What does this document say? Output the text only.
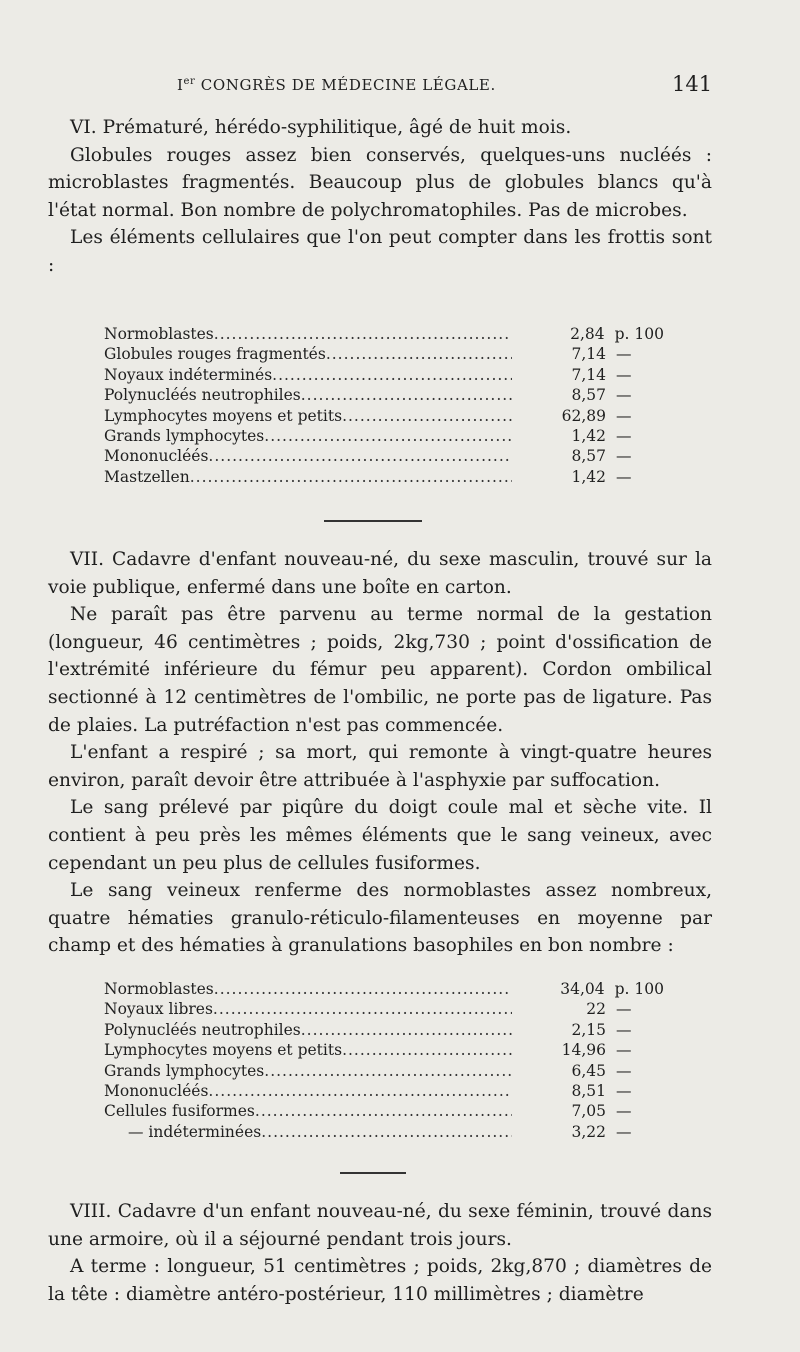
Ier CONGRÈS DE MÉDECINE LÉGALE.	141

VI. Prématuré, hérédo-syphilitique, âgé de huit mois.

Globules rouges assez bien conservés, quelques-uns nucléés : microblastes fragmentés. Beaucoup plus de globules blancs qu'à l'état normal. Bon nombre de polychromatophiles. Pas de microbes.

Les éléments cellulaires que l'on peut compter dans les frottis sont :

Normoblastes .....	2,84 p. 100
Globules rouges fragmentés .....	7,14 —
Noyaux indéterminés .....	7,14 —
Polynucléés neutrophiles .....	8,57 —
Lymphocytes moyens et petits .....	62,89 —
Grands lymphocytes .....	1,42 —
Mononucléés .....	8,57 —
Mastzellen .....	1,42 —

VII. Cadavre d'enfant nouveau-né, du sexe masculin, trouvé sur la voie publique, enfermé dans une boîte en carton.

Ne paraît pas être parvenu au terme normal de la gestation (longueur, 46 centimètres ; poids, 2kg,730 ; point d'ossification de l'extrémité inférieure du fémur peu apparent). Cordon ombilical sectionné à 12 centimètres de l'ombilic, ne porte pas de ligature. Pas de plaies. La putréfaction n'est pas commencée.

L'enfant a respiré ; sa mort, qui remonte à vingt-quatre heures environ, paraît devoir être attribuée à l'asphyxie par suffocation.

Le sang prélevé par piqûre du doigt coule mal et sèche vite. Il contient à peu près les mêmes éléments que le sang veineux, avec cependant un peu plus de cellules fusiformes.

Le sang veineux renferme des normoblastes assez nombreux, quatre hématies granulo-réticulo-filamenteuses en moyenne par champ et des hématies à granulations basophiles en bon nombre :

Normoblastes .....	34,04 p. 100
Noyaux libres .....	22 —
Polynucléés neutrophiles .....	2,15 —
Lymphocytes moyens et petits .....	14,96 —
Grands lymphocytes .....	6,45 —
Mononucléés .....	8,51 —
Cellules fusiformes .....	7,05 —
— indéterminées .....	3,22 —

VIII. Cadavre d'un enfant nouveau-né, du sexe féminin, trouvé dans une armoire, où il a séjourné pendant trois jours.

A terme : longueur, 51 centimètres ; poids, 2kg,870 ; diamètres de la tête : diamètre antéro-postérieur, 110 millimètres ; diamètre
